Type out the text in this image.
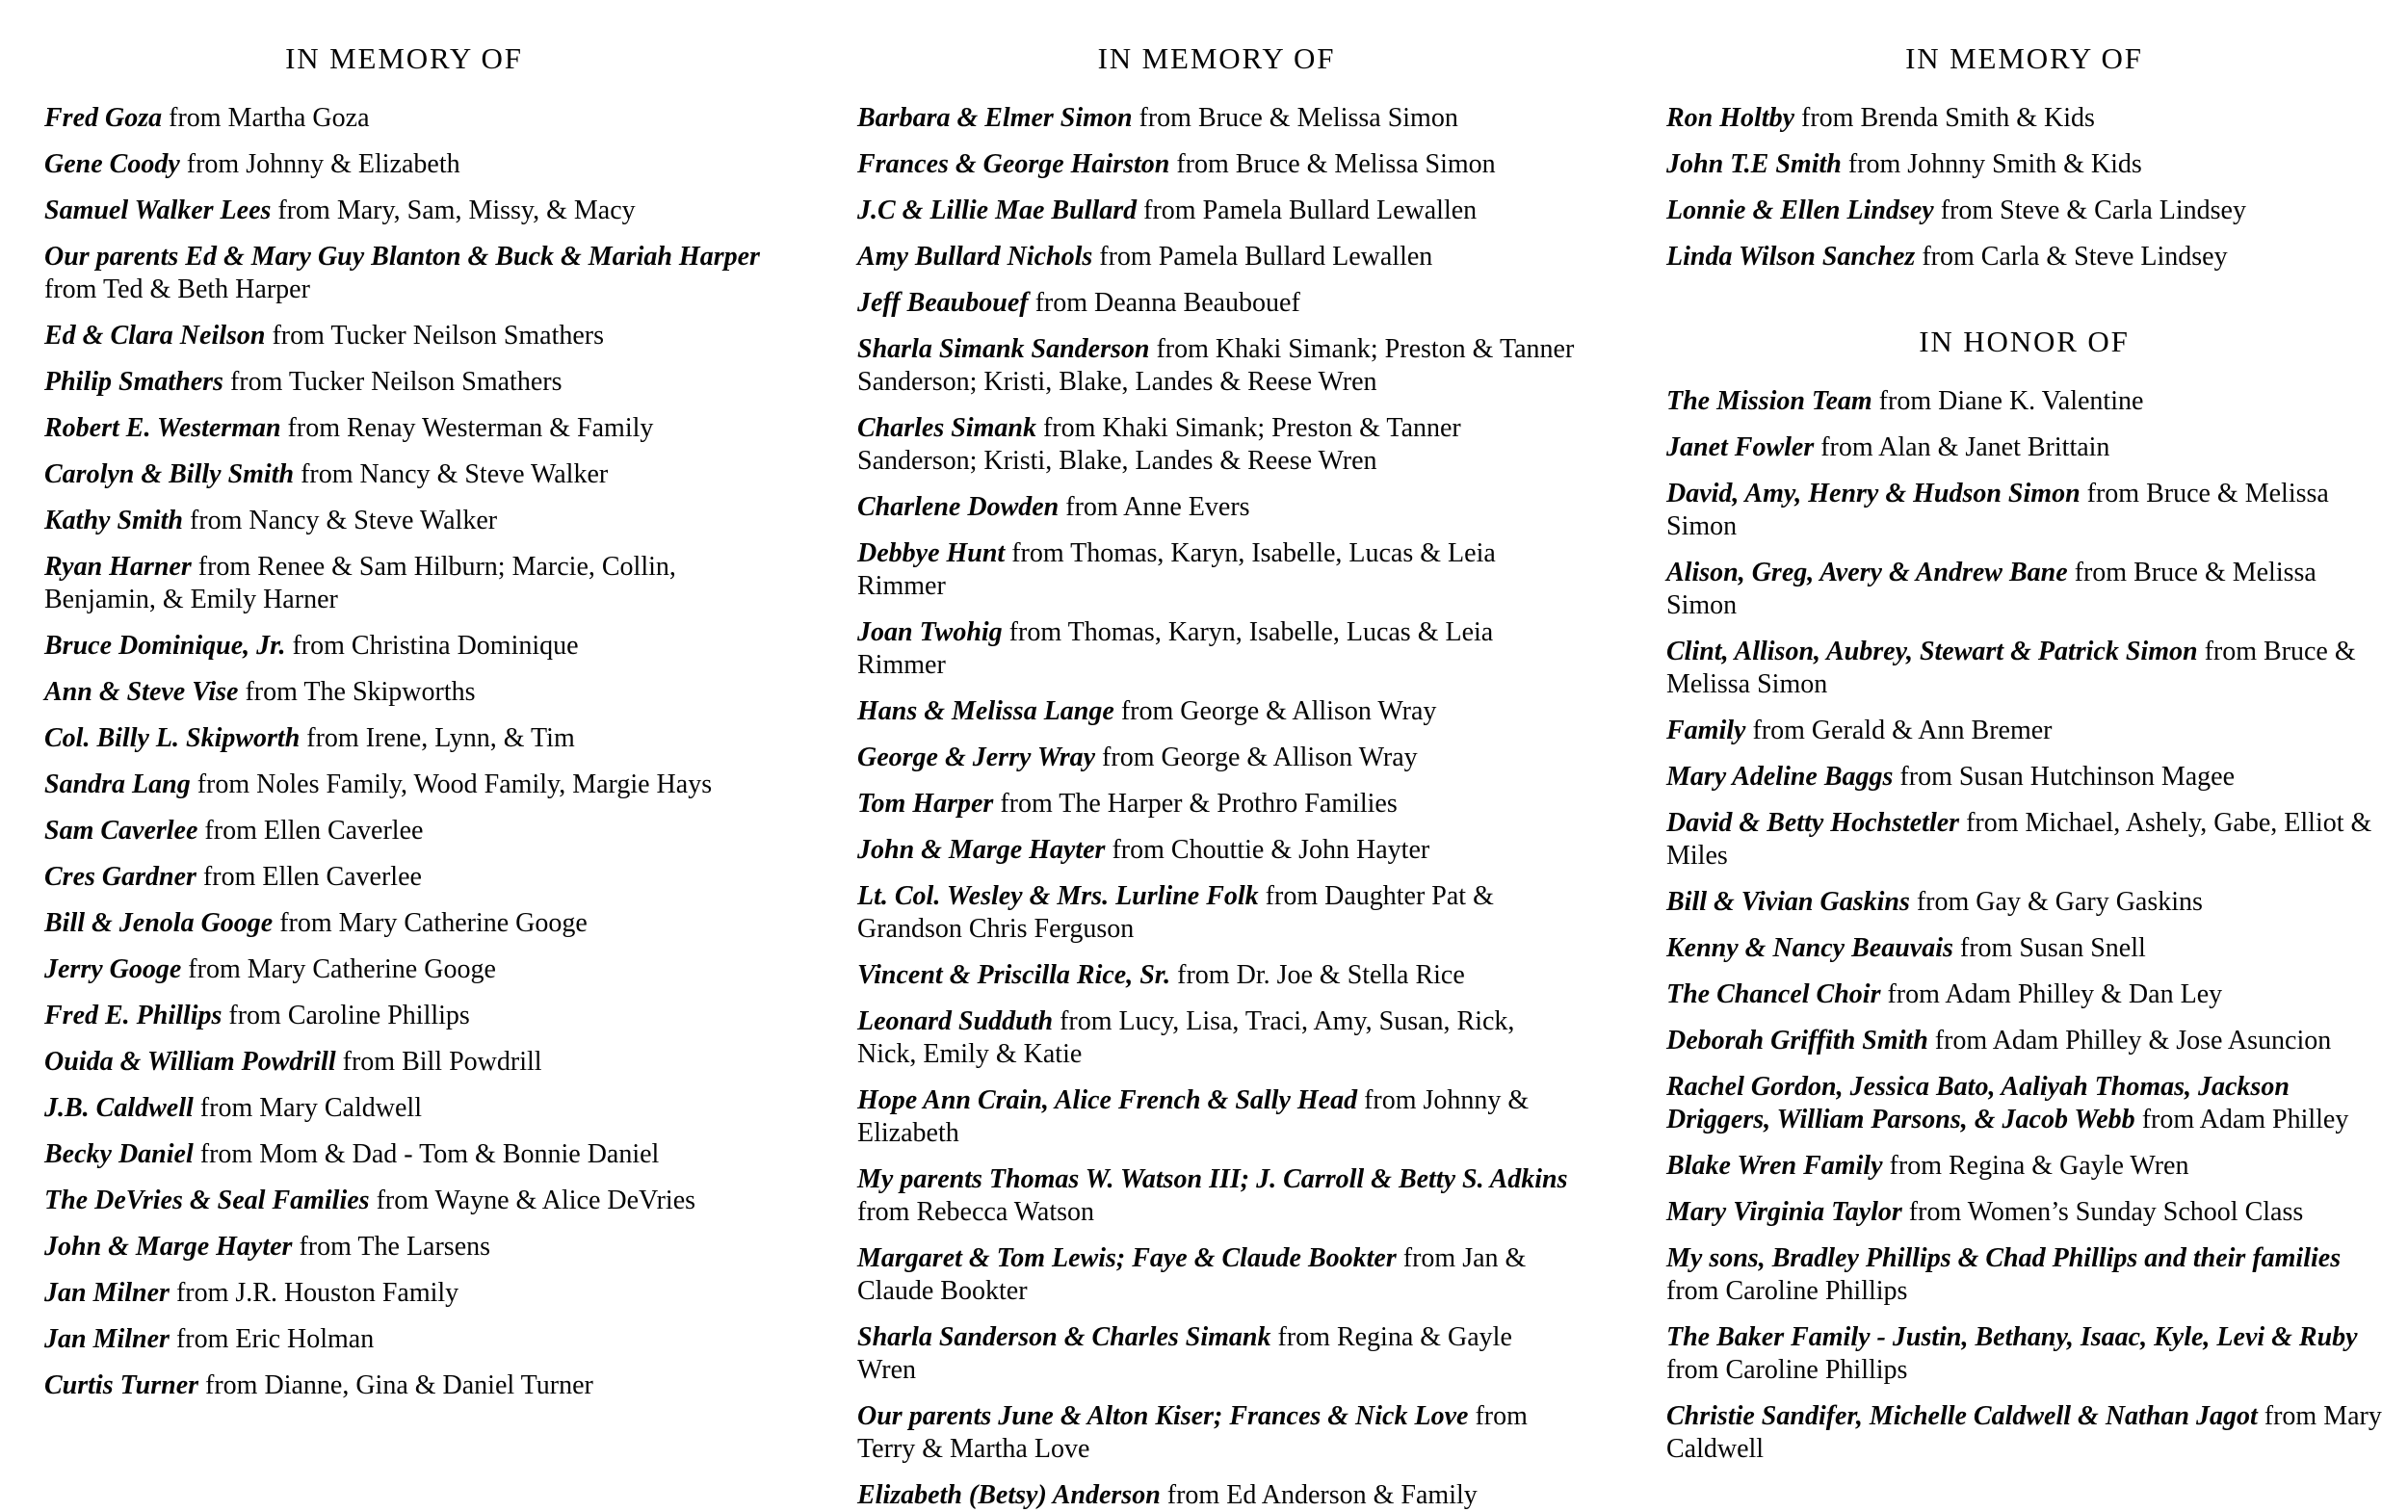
IN MEMORY OF
Fred Goza from Martha Goza
Gene Coody from Johnny & Elizabeth
Samuel Walker Lees from Mary, Sam, Missy, & Macy
Our parents Ed & Mary Guy Blanton & Buck & Mariah Harper from Ted & Beth Harper
Ed & Clara Neilson from Tucker Neilson Smathers
Philip Smathers from Tucker Neilson Smathers
Robert E. Westerman from Renay Westerman & Family
Carolyn & Billy Smith from Nancy & Steve Walker
Kathy Smith from Nancy & Steve Walker
Ryan Harner from Renee & Sam Hilburn; Marcie, Collin, Benjamin, & Emily Harner
Bruce Dominique, Jr. from Christina Dominique
Ann & Steve Vise from The Skipworths
Col. Billy L. Skipworth from Irene, Lynn, & Tim
Sandra Lang from Noles Family, Wood Family, Margie Hays
Sam Caverlee from Ellen Caverlee
Cres Gardner from Ellen Caverlee
Bill & Jenola Googe from Mary Catherine Googe
Jerry Googe from Mary Catherine Googe
Fred E. Phillips from Caroline Phillips
Ouida & William Powdrill from Bill Powdrill
J.B. Caldwell from Mary Caldwell
Becky Daniel from Mom & Dad - Tom & Bonnie Daniel
The DeVries & Seal Families from Wayne & Alice DeVries
John & Marge Hayter from The Larsens
Jan Milner from J.R. Houston Family
Jan Milner from Eric Holman
Curtis Turner from Dianne, Gina & Daniel Turner
IN MEMORY OF
Barbara & Elmer Simon from Bruce & Melissa Simon
Frances & George Hairston from Bruce & Melissa Simon
J.C & Lillie Mae Bullard from Pamela Bullard Lewallen
Amy Bullard Nichols from Pamela Bullard Lewallen
Jeff Beaubouef from Deanna Beaubouef
Sharla Simank Sanderson from Khaki Simank; Preston & Tanner Sanderson; Kristi, Blake, Landes & Reese Wren
Charles Simank from Khaki Simank; Preston & Tanner Sanderson; Kristi, Blake, Landes & Reese Wren
Charlene Dowden from Anne Evers
Debbye Hunt from Thomas, Karyn, Isabelle, Lucas & Leia Rimmer
Joan Twohig from Thomas, Karyn, Isabelle, Lucas & Leia Rimmer
Hans & Melissa Lange from George & Allison Wray
George & Jerry Wray from George & Allison Wray
Tom Harper from The Harper & Prothro Families
John & Marge Hayter from Chouttie & John Hayter
Lt. Col. Wesley & Mrs. Lurline Folk from Daughter Pat & Grandson Chris Ferguson
Vincent & Priscilla Rice, Sr. from Dr. Joe & Stella Rice
Leonard Sudduth from Lucy, Lisa, Traci, Amy, Susan, Rick, Nick, Emily & Katie
Hope Ann Crain, Alice French & Sally Head from Johnny & Elizabeth
My parents Thomas W. Watson III; J. Carroll & Betty S. Adkins from Rebecca Watson
Margaret & Tom Lewis; Faye & Claude Bookter from Jan & Claude Bookter
Sharla Sanderson & Charles Simank from Regina & Gayle Wren
Our parents June & Alton Kiser; Frances & Nick Love from Terry & Martha Love
Elizabeth (Betsy) Anderson from Ed Anderson & Family
IN MEMORY OF
Ron Holtby from Brenda Smith & Kids
John T.E Smith from Johnny Smith & Kids
Lonnie & Ellen Lindsey from Steve & Carla Lindsey
Linda Wilson Sanchez from Carla & Steve Lindsey
IN HONOR OF
The Mission Team from Diane K. Valentine
Janet Fowler from Alan & Janet Brittain
David, Amy, Henry & Hudson Simon from Bruce & Melissa Simon
Alison, Greg, Avery & Andrew Bane from Bruce & Melissa Simon
Clint, Allison, Aubrey, Stewart & Patrick Simon from Bruce & Melissa Simon
Family from Gerald & Ann Bremer
Mary Adeline Baggs from Susan Hutchinson Magee
David & Betty Hochstetler from Michael, Ashely, Gabe, Elliot & Miles
Bill & Vivian Gaskins from Gay & Gary Gaskins
Kenny & Nancy Beauvais from Susan Snell
The Chancel Choir from Adam Philley & Dan Ley
Deborah Griffith Smith from Adam Philley & Jose Asuncion
Rachel Gordon, Jessica Bato, Aaliyah Thomas, Jackson Driggers, William Parsons, & Jacob Webb from Adam Philley
Blake Wren Family from Regina & Gayle Wren
Mary Virginia Taylor from Women’s Sunday School Class
My sons, Bradley Phillips & Chad Phillips and their families from Caroline Phillips
The Baker Family - Justin, Bethany, Isaac, Kyle, Levi & Ruby from Caroline Phillips
Christie Sandifer, Michelle Caldwell & Nathan Jagot from Mary Caldwell
